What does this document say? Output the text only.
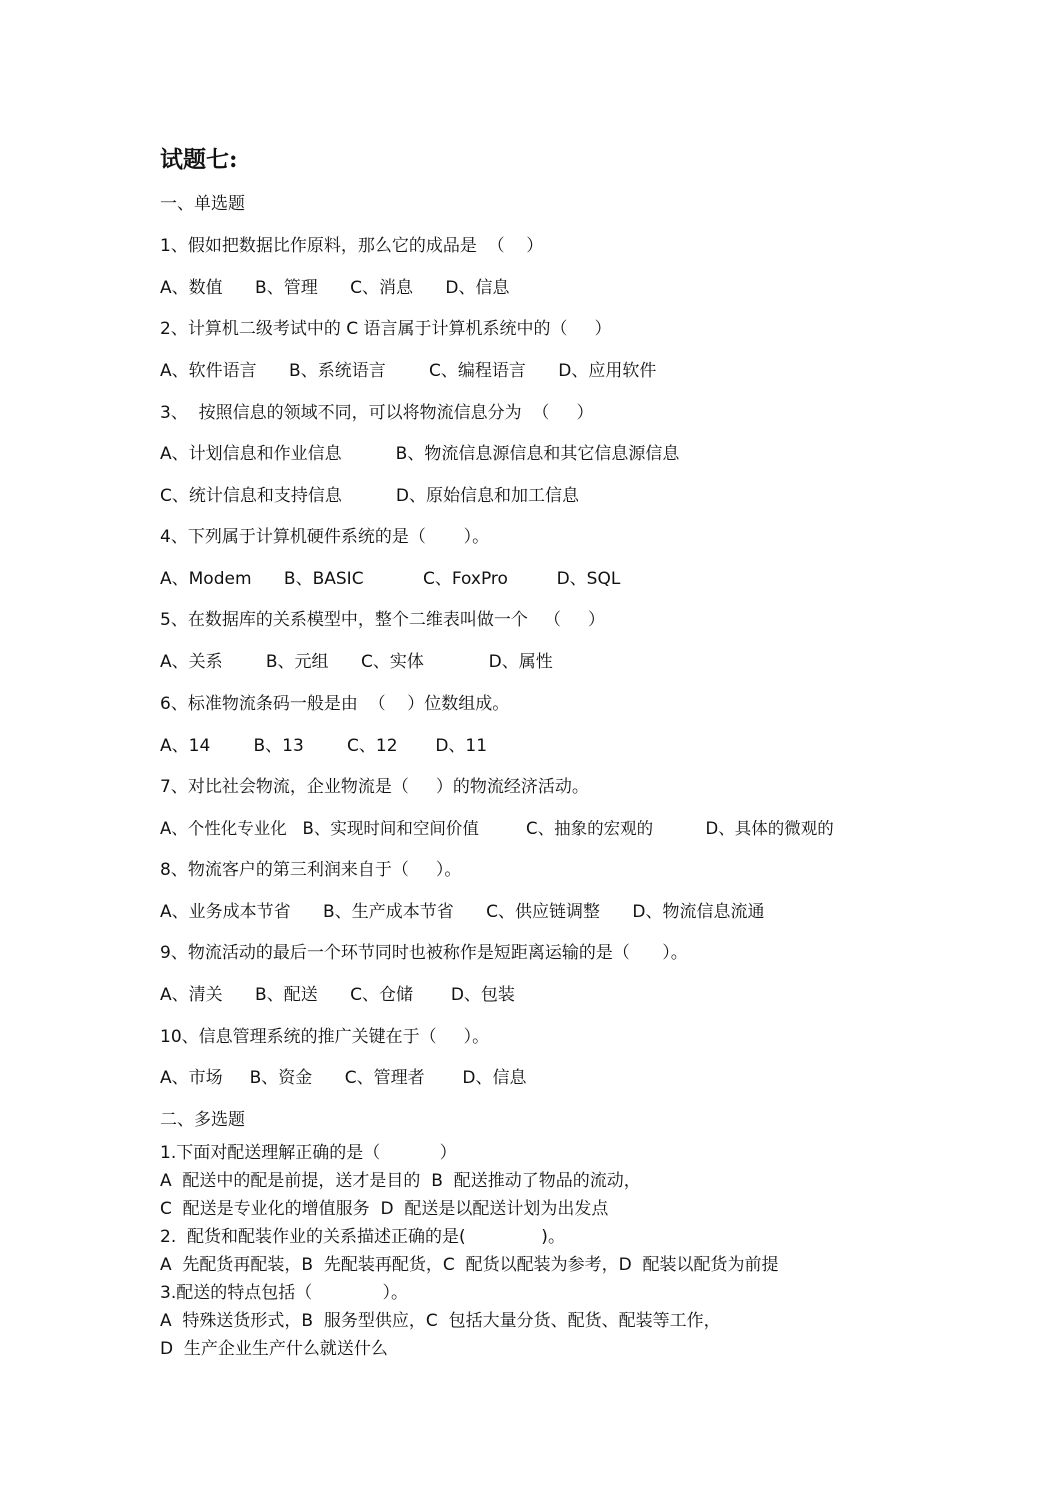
试题七:
一、单选题
1、假如把数据比作原料，那么它的成品是  （    ）
A、数值      B、管理      C、消息      D、信息
2、计算机二级考试中的 C 语言属于计算机系统中的（     ）
A、软件语言      B、系统语言        C、编程语言      D、应用软件
3、  按照信息的领域不同，可以将物流信息分为  （     ）
A、计划信息和作业信息          B、物流信息源信息和其它信息源信息
C、统计信息和支持信息          D、原始信息和加工信息
4、下列属于计算机硬件系统的是（       ）。
A、Modem      B、BASIC           C、FoxPro         D、SQL
5、在数据库的关系模型中，整个二维表叫做一个   （     ）
A、关系        B、元组      C、实体            D、属性
6、标准物流条码一般是由  （    ）位数组成。
A、14        B、13        C、12       D、11
7、对比社会物流，企业物流是（     ）的物流经济活动。
A、个性化专业化   B、实现时间和空间价值         C、抽象的宏观的          D、具体的微观的
8、物流客户的第三利润来自于（     ）。
A、业务成本节省      B、生产成本节省      C、供应链调整      D、物流信息流通
9、物流活动的最后一个环节同时也被称作是短距离运输的是（      ）。
A、清关      B、配送      C、仓储       D、包装
10、信息管理系统的推广关键在于（     ）。
A、市场     B、资金      C、管理者       D、信息
二、多选题
1.下面对配送理解正确的是（           ）
A  配送中的配是前提，送才是目的  B  配送推动了物品的流动，
C  配送是专业化的增值服务  D  配送是以配送计划为出发点
2.  配货和配装作业的关系描述正确的是(              )。
A  先配货再配装，B  先配装再配货，C  配货以配装为参考，D  配装以配货为前提
3.配送的特点包括（             ）。
A  特殊送货形式，B  服务型供应，C  包括大量分货、配货、配装等工作，
D  生产企业生产什么就送什么
